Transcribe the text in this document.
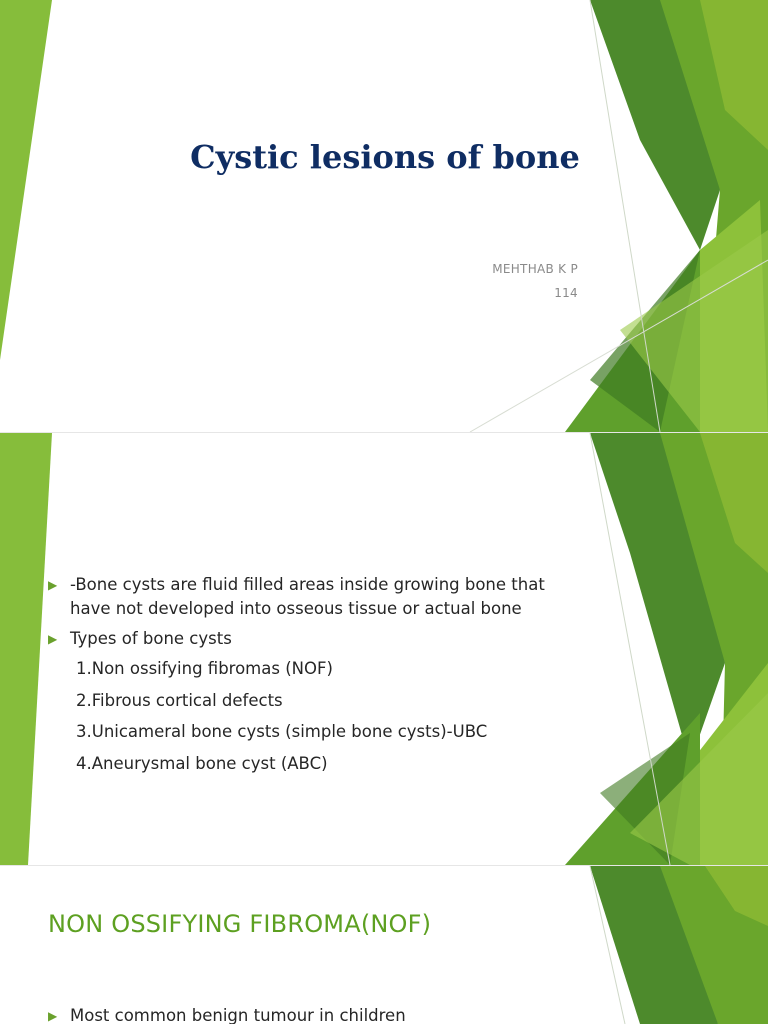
Cystic lesions of bone
MEHTHAB K P
114
▶ -Bone cysts are fluid filled areas inside growing bone that have not developed into osseous tissue or actual bone
▶ Types of bone cysts
1.Non ossifying fibromas (NOF)
2.Fibrous cortical defects
3.Unicameral bone cysts (simple bone cysts)-UBC
4.Aneurysmal bone cyst (ABC)
NON OSSIFYING FIBROMA(NOF)
▶ Most common benign tumour in children
